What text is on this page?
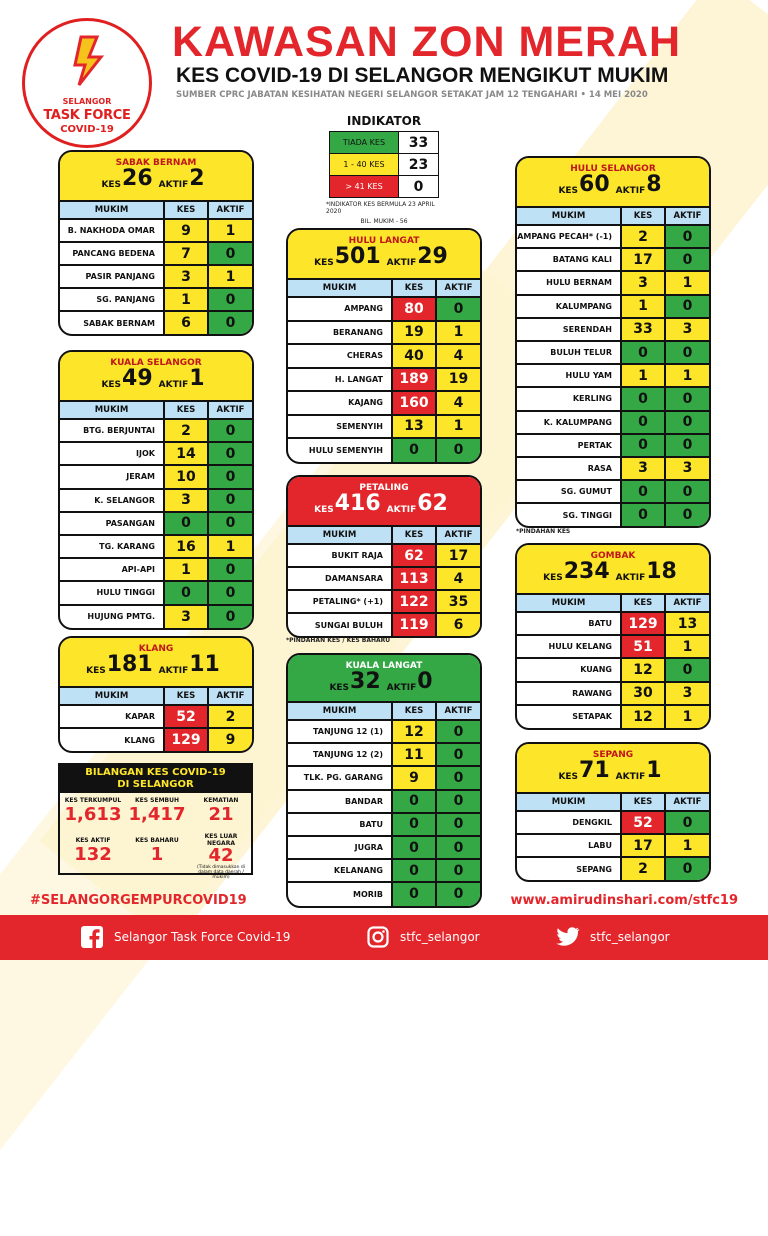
SELANGOR
TASK FORCE
COVID-19
KAWASAN ZON MERAH
KES COVID-19 DI SELANGOR MENGIKUT MUKIM
SUMBER CPRC JABATAN KESIHATAN NEGERI SELANGOR SETAKAT JAM 12 TENGAHARI • 14 MEI 2020
INDIKATOR
TIADA KES	33
1 - 40 KES	23
> 41 KES	0
*INDIKATOR KES BERMULA 23 APRIL 2020
BIL. MUKIM - 56
SABAK BERNAM
KES26 AKTIF2
MUKIM	KES	AKTIF
B. NAKHODA OMAR	9	1
PANCANG BEDENA	7	0
PASIR PANJANG	3	1
SG. PANJANG	1	0
SABAK BERNAM	6	0
KUALA SELANGOR
KES49 AKTIF1
MUKIM	KES	AKTIF
BTG. BERJUNTAI	2	0
IJOK	14	0
JERAM	10	0
K. SELANGOR	3	0
PASANGAN	0	0
TG. KARANG	16	1
API-API	1	0
HULU TINGGI	0	0
HUJUNG PMTG.	3	0
KLANG
KES181 AKTIF11
MUKIM	KES	AKTIF
KAPAR	52	2
KLANG	129	9
HULU LANGAT
KES501 AKTIF29
MUKIM	KES	AKTIF
AMPANG	80	0
BERANANG	19	1
CHERAS	40	4
H. LANGAT	189	19
KAJANG	160	4
SEMENYIH	13	1
HULU SEMENYIH	0	0
PETALING
KES416 AKTIF62
MUKIM	KES	AKTIF
BUKIT RAJA	62	17
DAMANSARA	113	4
PETALING* (+1)	122	35
SUNGAI BULUH	119	6
KUALA LANGAT
KES32 AKTIF0
MUKIM	KES	AKTIF
TANJUNG 12 (1)	12	0
TANJUNG 12 (2)	11	0
TLK. PG. GARANG	9	0
BANDAR	0	0
BATU	0	0
JUGRA	0	0
KELANANG	0	0
MORIB	0	0
HULU SELANGOR
KES60 AKTIF8
MUKIM	KES	AKTIF
AMPANG PECAH* (-1)	2	0
BATANG KALI	17	0
HULU BERNAM	3	1
KALUMPANG	1	0
SERENDAH	33	3
BULUH TELUR	0	0
HULU YAM	1	1
KERLING	0	0
K. KALUMPANG	0	0
PERTAK	0	0
RASA	3	3
SG. GUMUT	0	0
SG. TINGGI	0	0
GOMBAK
KES234 AKTIF18
MUKIM	KES	AKTIF
BATU	129	13
HULU KELANG	51	1
KUANG	12	0
RAWANG	30	3
SETAPAK	12	1
SEPANG
KES71 AKTIF1
MUKIM	KES	AKTIF
DENGKIL	52	0
LABU	17	1
SEPANG	2	0
*PINDAHAN KES / KES BAHARU
*PINDAHAN KES
BILANGAN KES COVID-19
DI SELANGOR
KES TERKUMPUL
1,613
KES SEMBUH
1,417
KEMATIAN
21
KES AKTIF
132
KES BAHARU
1
KES LUAR NEGARA
42
(Tidak dimasukkan di dalam data daerah / mukim)
#SELANGORGEMPURCOVID19	www.amirudinshari.com/stfc19
Selangor Task Force Covid-19	stfc_selangor	stfc_selangor
